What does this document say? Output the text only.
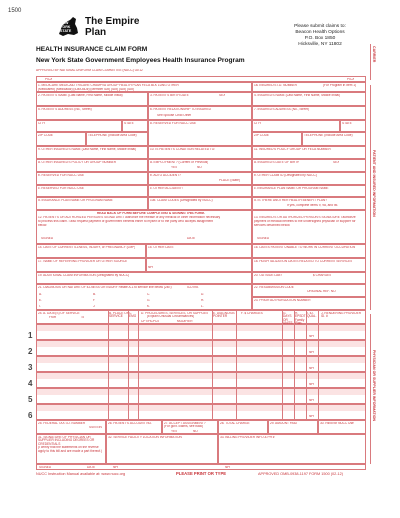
1500
NEW YORK STATE
The Empire
Plan
Please submit claims to:
Beacon Health Options
P.O. Box 1850
Hicksville, NY 11802
HEALTH INSURANCE CLAIM FORM
New York State Government Employees Health Insurance Program
APPROVED BY NATIONAL UNIFORM CLAIM COMMITTEE (NUCC) 02/12
CARRIER
PATIENT AND INSURED INFORMATION
PHYSICIAN OR SUPPLIER INFORMATION
PICA	PICA
1. MEDICARE MEDICAID TRICARE CHAMPVA GROUP HEALTH PLAN FECA BLK LUNG OTHER
(Medicare#) (Medicaid#) (ID#/DoD#) (Member ID#) (ID#) (ID#) (ID#)
1a. INSURED'S I.D. NUMBER	(For Program in Item 1)
2. PATIENT'S NAME (Last Name, First Name, Middle Initial)	3. PATIENT'S BIRTH DATE	SEX	4. INSURED'S NAME (Last Name, First Name, Middle Initial)
5. PATIENT'S ADDRESS (No., Street)	6. PATIENT RELATIONSHIP TO INSURED
Self Spouse Child Other
7. INSURED'S ADDRESS (No., Street)
CITY	STATE	8. RESERVED FOR NUCC USE	CITY	STATE
ZIP CODE	TELEPHONE (Include Area Code)	ZIP CODE	TELEPHONE (Include Area Code)
9. OTHER INSURED'S NAME (Last Name, First Name, Middle Initial)	10. IS PATIENT'S CONDITION RELATED TO:	11. INSURED'S POLICY GROUP OR FECA NUMBER
a. OTHER INSURED'S POLICY OR GROUP NUMBER	a. EMPLOYMENT? (Current or Previous)
YES	NO
a. INSURED'S DATE OF BIRTH	SEX
b. RESERVED FOR NUCC USE	b. AUTO ACCIDENT?
PLACE (State)
b. OTHER CLAIM ID (Designated by NUCC)
c. RESERVED FOR NUCC USE	c. OTHER ACCIDENT?	c. INSURANCE PLAN NAME OR PROGRAM NAME
d. INSURANCE PLAN NAME OR PROGRAM NAME	10d. CLAIM CODES (Designated by NUCC)	d. IS THERE ANOTHER HEALTH BENEFIT PLAN?
If yes, complete items 9, 9a, and 9d.
READ BACK OF FORM BEFORE COMPLETING & SIGNING THIS FORM.
12. PATIENT'S OR AUTHORIZED PERSON'S SIGNATURE I authorize the release of any medical or other information necessary
to process this claim. I also request payment of government benefits either to myself or to the party who accepts assignment
below.
SIGNED	DATE
13. INSURED'S OR AUTHORIZED PERSON'S SIGNATURE I authorize
payment of medical benefits to the undersigned physician or supplier for
services described below.
SIGNED
14. DATE OF CURRENT ILLNESS, INJURY, or PREGNANCY (LMP)	15. OTHER DATE	16. DATES PATIENT UNABLE TO WORK IN CURRENT OCCUPATION
17. NAME OF REFERRING PROVIDER OR OTHER SOURCE
NPI
18. HOSPITALIZATION DATES RELATED TO CURRENT SERVICES
19. ADDITIONAL CLAIM INFORMATION (Designated by NUCC)	20. OUTSIDE LAB?	$ CHARGES
21. DIAGNOSIS OR NATURE OF ILLNESS OR INJURY Relate A-L to service line below (24E)	ICD Ind.
A.	B.	C.	D.
E.	F.	G.	H.
I.	J.	K.	L.
22. RESUBMISSION CODE
ORIGINAL REF. NO.
23. PRIOR AUTHORIZATION NUMBER
24. A. DATE(S) OF SERVICE
From	To
B. PLACE OF SERVICE
C. EMG
D. PROCEDURES, SERVICES, OR SUPPLIES
(Explain Unusual Circumstances)
CPT/HCPCS	MODIFIER
E. DIAGNOSIS POINTER
F. $ CHARGES	G. DAYS OR
H. EPSDT Family
I. ID. QUAL.
J. RENDERING PROVIDER ID. #
NPI
1
NPI
2
NPI
3
NPI
4
NPI
5
NPI
6
25. FEDERAL TAX I.D. NUMBER
SSN EIN
26. PATIENT'S ACCOUNT NO.	27. ACCEPT ASSIGNMENT?
(For govt. claims, see back)
YES	NO
28. TOTAL CHARGE	29. AMOUNT PAID	30. Rsvd for NUCC Use
31. SIGNATURE OF PHYSICIAN OR SUPPLIER INCLUDING DEGREES OR CREDENTIALS
(I certify that the statements on the reverse apply to this bill and are made a part thereof.)
32. SERVICE FACILITY LOCATION INFORMATION	33. BILLING PROVIDER INFO & PH #
SIGNED	DATE	NPI	NPI
NUCC Instruction Manual available at: www.nucc.org	PLEASE PRINT OR TYPE	APPROVED OMB-0938-1197 FORM 1500 (02-12)
